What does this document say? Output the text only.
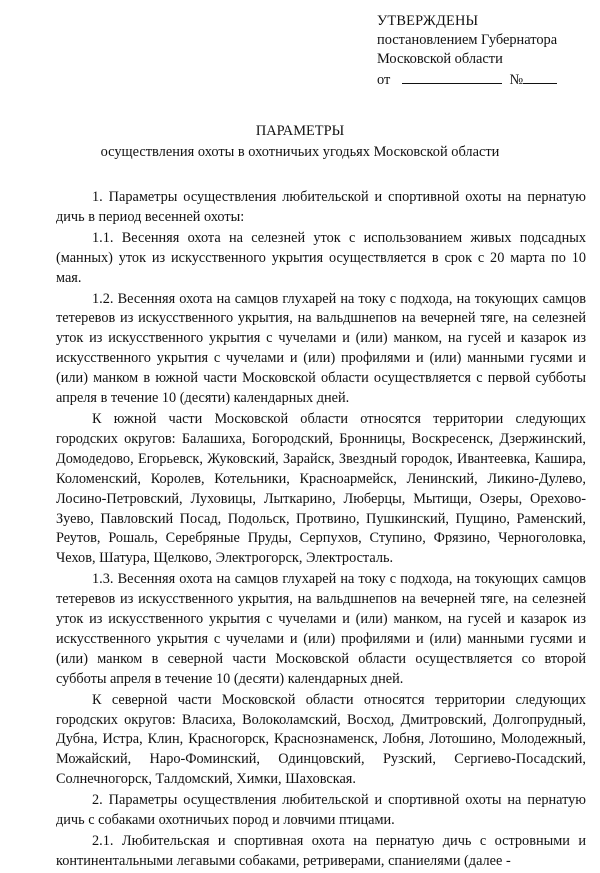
УТВЕРЖДЕНЫ
постановлением Губернатора
Московской области
от	№
ПАРАМЕТРЫ
осуществления охоты в охотничьих угодьях Московской области

1. Параметры осуществления любительской и спортивной охоты на пернатую дичь в период весенней охоты:

1.1. Весенняя охота на селезней уток с использованием живых подсадных (манных) уток из искусственного укрытия осуществляется в срок с 20 марта по 10 мая.

1.2. Весенняя охота на самцов глухарей на току с подхода, на токующих самцов тетеревов из искусственного укрытия, на вальдшнепов на вечерней тяге, на селезней уток из искусственного укрытия с чучелами и (или) манком, на гусей и казарок из искусственного укрытия с чучелами и (или) профилями и (или) манными гусями и (или) манком в южной части Московской области осуществляется с первой субботы апреля в течение 10 (десяти) календарных дней.

К южной части Московской области относятся территории следующих городских округов: Балашиха, Богородский, Бронницы, Воскресенск, Дзержинский, Домодедово, Егорьевск, Жуковский, Зарайск, Звездный городок, Ивантеевка, Кашира, Коломенский, Королев, Котельники, Красноармейск, Ленинский, Ликино-Дулево, Лосино-Петровский, Луховицы, Лыткарино, Люберцы, Мытищи, Озеры, Орехово-Зуево, Павловский Посад, Подольск, Протвино, Пушкинский, Пущино, Раменский, Реутов, Рошаль, Серебряные Пруды, Серпухов, Ступино, Фрязино, Черноголовка, Чехов, Шатура, Щелково, Электрогорск, Электросталь.

1.3. Весенняя охота на самцов глухарей на току с подхода, на токующих самцов тетеревов из искусственного укрытия, на вальдшнепов на вечерней тяге, на селезней уток из искусственного укрытия с чучелами и (или) манком, на гусей и казарок из искусственного укрытия с чучелами и (или) профилями и (или) манными гусями и (или) манком в северной части Московской области осуществляется со второй субботы апреля в течение 10 (десяти) календарных дней.

К северной части Московской области относятся территории следующих городских округов: Власиха, Волоколамский, Восход, Дмитровский, Долгопрудный, Дубна, Истра, Клин, Красногорск, Краснознаменск, Лобня, Лотошино, Молодежный, Можайский, Наро-Фоминский, Одинцовский, Рузский, Сергиево-Посадский, Солнечногорск, Талдомский, Химки, Шаховская.

2. Параметры осуществления любительской и спортивной охоты на пернатую дичь с собаками охотничьих пород и ловчими птицами.

2.1. Любительская и спортивная охота на пернатую дичь с островными и континентальными легавыми собаками, ретриверами, спаниелями (далее -
